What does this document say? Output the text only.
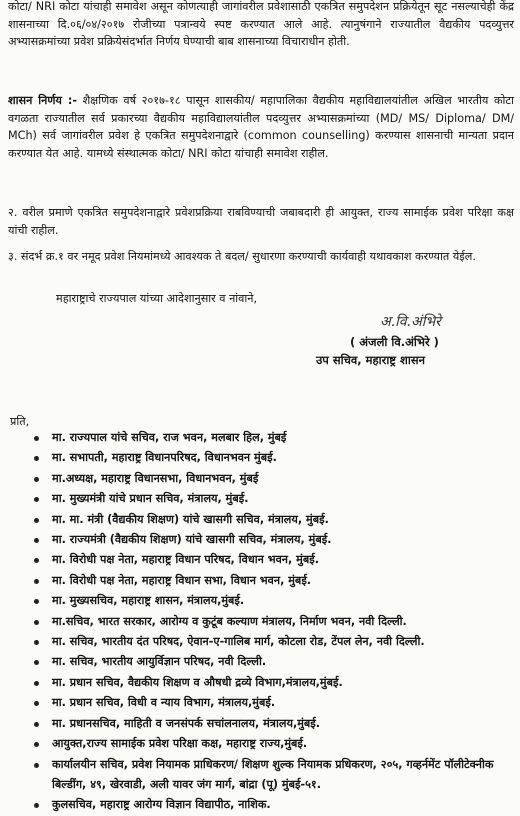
कोटा/ NRI कोटा यांचाही समावेश असून कोणत्याही जागांवरील प्रवेशासाठी एकत्रित समुपदेशन प्रक्रियेतून सूट नसल्याचेही केंद्र शासनाच्या दि.०६/०४/२०१७ रोजीच्या पत्रान्वये स्पष्ट करण्यात आले आहे. त्यानुषंगाने राज्यातील वैद्यकीय पदव्युत्तर अभ्यासक्रमांच्या प्रवेश प्रक्रियेसंदर्भात निर्णय घेण्याची बाब शासनाच्या विचाराधीन होती.

शासन निर्णय :- शैक्षणिक वर्ष २०१७-१८ पासून शासकीय/ महापालिका वैद्यकीय महाविद्यालयांतील अखिल भारतीय कोटा वगळता राज्यातील सर्व प्रकारच्या वैद्यकीय महाविद्यालयांतील पदव्युत्तर अभ्यासक्रमांच्या (MD/ MS/ Diploma/ DM/ MCh) सर्व जागांवरील प्रवेश हे एकत्रित समुपदेशनाद्वारे (common counselling) करण्यास शासनाची मान्यता प्रदान करण्यात येत आहे. यामध्ये संस्थात्मक कोटा/ NRI कोटा यांचाही समावेश राहील.

२. वरील प्रमाणे एकत्रित समुपदेशनाद्वारे प्रवेशप्रक्रिया राबविण्याची जबाबदारी ही आयुक्त, राज्य सामाईक प्रवेश परिक्षा कक्ष यांची राहील.

३. संदर्भ क्र.१ वर नमूद प्रवेश नियमांमध्ये आवश्यक ते बदल/ सुधारणा करण्याची कार्यवाही यथावकाश करण्यात येईल.

महाराष्ट्राचे राज्यपाल यांच्या आदेशानुसार व नांवाने,

अ.वि.अंभिरे
( अंजली वि.अंभिरे )
उप सचिव, महाराष्ट्र शासन
प्रति,
मा. राज्यपाल यांचे सचिव, राज भवन, मलबार हिल, मुंबई
मा. सभापती, महाराष्ट्र विधानपरिषद, विधानभवन मुंबई.
मा.अध्यक्ष, महाराष्ट्र विधानसभा, विधानभवन, मुंबई
मा. मुख्यमंत्री यांचे प्रधान सचिव, मंत्रालय, मुंबई.
मा. मा. मंत्री (वैद्यकीय शिक्षण) यांचे खासगी सचिव, मंत्रालय, मुंबई.
मा. राज्यमंत्री (वैद्यकीय शिक्षण) यांचे खासगी सचिव, मंत्रालय, मुंबई.
मा. विरोधी पक्ष नेता, महाराष्ट्र विधान परिषद, विधान भवन, मुंबई.
मा. विरोधी पक्ष नेता, महाराष्ट्र विधान सभा, विधान भवन, मुंबई.
मा. मुख्यसचिव, महाराष्ट्र शासन, मंत्रालय,मुंबई.
मा.सचिव, भारत सरकार, आरोग्य व कुटूंब कल्याण मंत्रालय, निर्माण भवन, नवी दिल्ली.
मा. सचिव, भारतीय दंत परिषद, ऐवान-ए-गालिब मार्ग, कोटला रोड, टेंपल लेन, नवी दिल्ली.
मा. सचिव, भारतीय आयुर्विज्ञान परिषद, नवी दिल्ली.
मा. प्रधान सचिव, वैद्यकीय शिक्षण व औषधी द्रव्ये विभाग,मंत्रालय,मुंबई.
मा. प्रधान सचिव, विधी व न्याय विभाग, मंत्रालय,मुंबई.
मा. प्रधानसचिव, माहिती व जनसंपर्क सचांलनालय, मंत्रालय,मुंबई.
आयुक्त,राज्य सामाईक प्रवेश परिक्षा कक्ष, महाराष्ट्र राज्य,मुंबई.
कार्यालयीन सचिव, प्रवेश नियामक प्राधिकरण/ शिक्षण शुल्क नियामक प्रधिकरण, २०५, गव्हर्नमेंट पॉलीटेक्नीक बिल्डींग, ४९, खेरवाडी, अली यावर जंग मार्ग, बांद्रा (पू) मुंबई-५१.
कुलसचिव, महाराष्ट्र आरोग्य विज्ञान विद्यापीठ, नाशिक.
